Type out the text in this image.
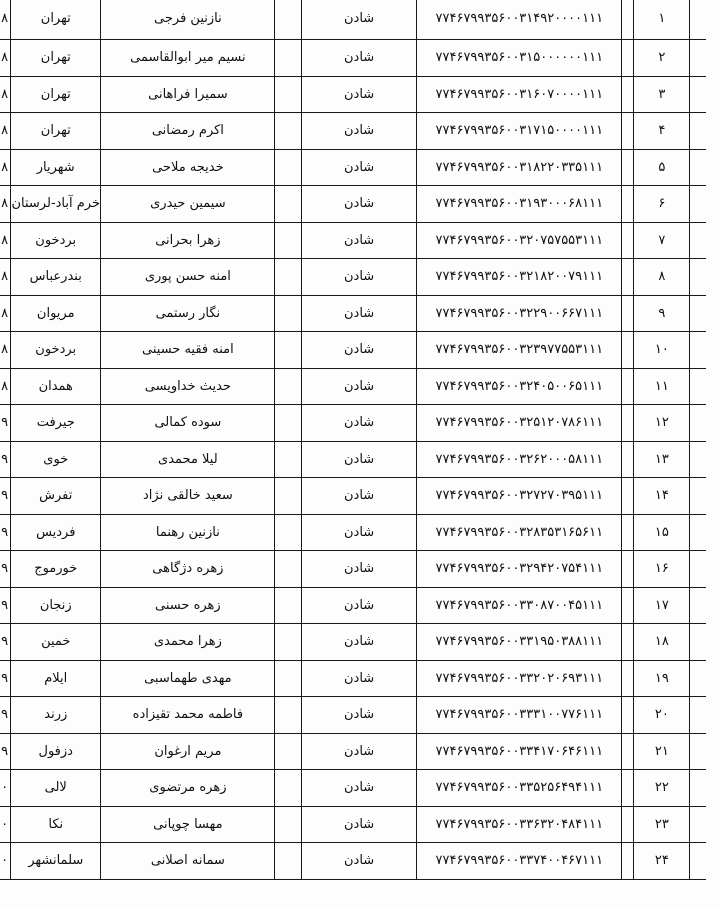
۸	تهران	نازنین فرجی		شادن	۷۷۴۶۷۹۹۳۵۶۰۰۳۱۴۹۲۰۰۰۰۱۱۱		۱	
۸	تهران	نسیم میر ابوالقاسمی		شادن	۷۷۴۶۷۹۹۳۵۶۰۰۳۱۵۰۰۰۰۰۰۱۱۱		۲	
۸	تهران	سمیرا فراهانی		شادن	۷۷۴۶۷۹۹۳۵۶۰۰۳۱۶۰۷۰۰۰۰۱۱۱		۳	
۸	تهران	اکرم رمضانی		شادن	۷۷۴۶۷۹۹۳۵۶۰۰۳۱۷۱۵۰۰۰۰۱۱۱		۴	
۸	شهریار	خدیجه ملاحی		شادن	۷۷۴۶۷۹۹۳۵۶۰۰۳۱۸۲۲۰۳۳۵۱۱۱		۵	
۸	خرم آباد-لرستان	سیمین حیدری		شادن	۷۷۴۶۷۹۹۳۵۶۰۰۳۱۹۳۰۰۰۶۸۱۱۱		۶	
۸	بردخون	زهرا بحرانی		شادن	۷۷۴۶۷۹۹۳۵۶۰۰۳۲۰۷۵۷۵۵۳۱۱۱		۷	
۸	بندرعباس	امنه حسن پوری		شادن	۷۷۴۶۷۹۹۳۵۶۰۰۳۲۱۸۲۰۰۷۹۱۱۱		۸	
۸	مریوان	نگار رستمی		شادن	۷۷۴۶۷۹۹۳۵۶۰۰۳۲۲۹۰۰۶۶۷۱۱۱		۹	
۸	بردخون	امنه فقیه حسینی		شادن	۷۷۴۶۷۹۹۳۵۶۰۰۳۲۳۹۷۷۵۵۳۱۱۱		۱۰	
۸	همدان	حدیث خداویسی		شادن	۷۷۴۶۷۹۹۳۵۶۰۰۳۲۴۰۵۰۰۶۵۱۱۱		۱۱	
۹	جیرفت	سوده کمالی		شادن	۷۷۴۶۷۹۹۳۵۶۰۰۳۲۵۱۲۰۷۸۶۱۱۱		۱۲	
۹	خوی	لیلا محمدی		شادن	۷۷۴۶۷۹۹۳۵۶۰۰۳۲۶۲۰۰۰۵۸۱۱۱		۱۳	
۹	تفرش	سعید خالقی نژاد		شادن	۷۷۴۶۷۹۹۳۵۶۰۰۳۲۷۲۷۰۳۹۵۱۱۱		۱۴	
۹	فردیس	نازنین رهنما		شادن	۷۷۴۶۷۹۹۳۵۶۰۰۳۲۸۳۵۳۱۶۵۶۱۱		۱۵	
۹	خورموج	زهره دژگاهی		شادن	۷۷۴۶۷۹۹۳۵۶۰۰۳۲۹۴۲۰۷۵۴۱۱۱		۱۶	
۹	زنجان	زهره حسنی		شادن	۷۷۴۶۷۹۹۳۵۶۰۰۳۳۰۸۷۰۰۴۵۱۱۱		۱۷	
۹	خمین	زهرا محمدی		شادن	۷۷۴۶۷۹۹۳۵۶۰۰۳۳۱۹۵۰۳۸۸۱۱۱		۱۸	
۹	ایلام	مهدی طهماسبی		شادن	۷۷۴۶۷۹۹۳۵۶۰۰۳۳۲۰۲۰۶۹۳۱۱۱		۱۹	
۹	زرند	فاطمه محمد تقیزاده		شادن	۷۷۴۶۷۹۹۳۵۶۰۰۳۳۳۱۰۰۷۷۶۱۱۱		۲۰	
۹	دزفول	مریم ارغوان		شادن	۷۷۴۶۷۹۹۳۵۶۰۰۳۳۴۱۷۰۶۴۶۱۱۱		۲۱	
۰	لالی	زهره مرتضوی		شادن	۷۷۴۶۷۹۹۳۵۶۰۰۳۳۵۲۵۶۴۹۴۱۱۱		۲۲	
۰	نکا	مهسا چوپانی		شادن	۷۷۴۶۷۹۹۳۵۶۰۰۳۳۶۳۲۰۴۸۴۱۱۱		۲۳	
۰	سلمانشهر	سمانه اصلانی		شادن	۷۷۴۶۷۹۹۳۵۶۰۰۳۳۷۴۰۰۴۶۷۱۱۱		۲۴	
